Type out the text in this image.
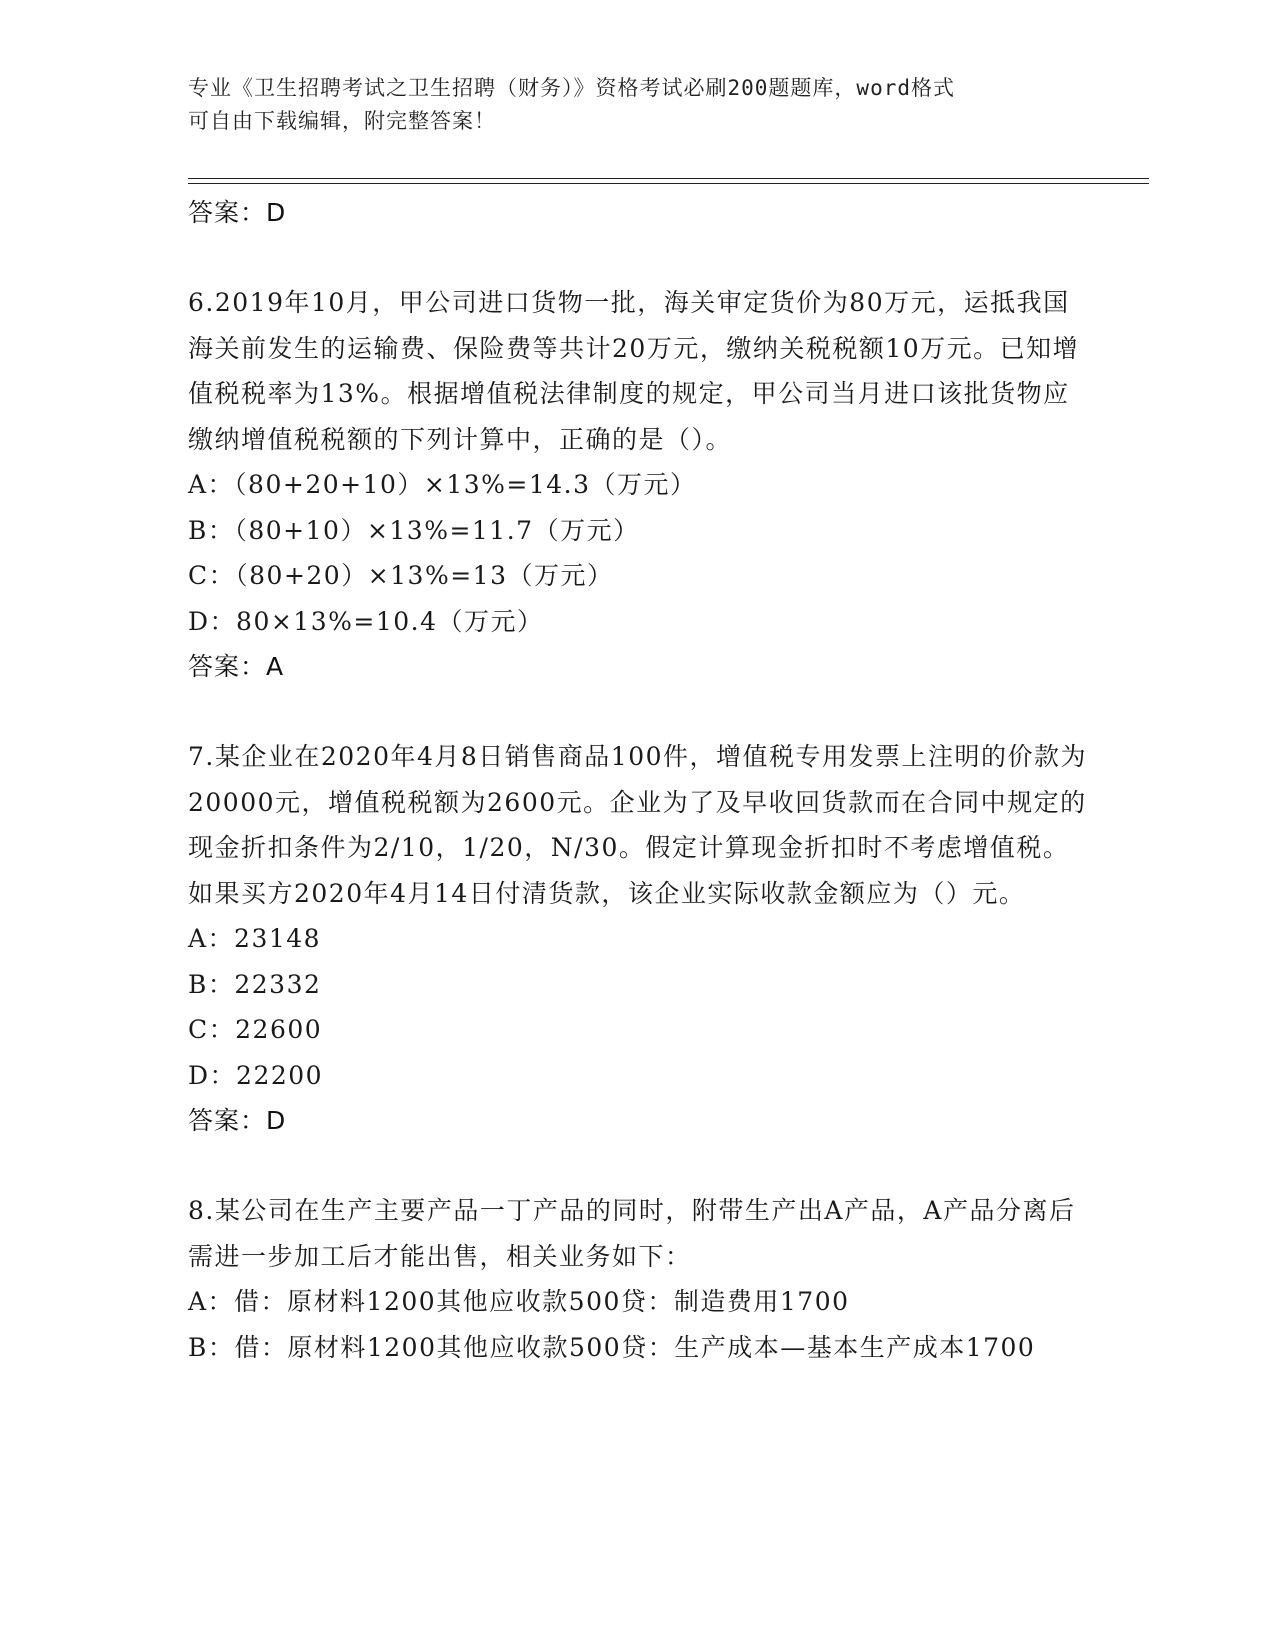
专业《卫生招聘考试之卫生招聘（财务）》资格考试必刷200题题库，word格式
可自由下载编辑，附完整答案！
答案：D
6.2019年10月，甲公司进口货物一批，海关审定货价为80万元，运抵我国海关前发生的运输费、保险费等共计20万元，缴纳关税税额10万元。已知增值税税率为13%。根据增值税法律制度的规定，甲公司当月进口该批货物应缴纳增值税税额的下列计算中，正确的是（）。
A：（80+20+10）×13%=14.3（万元）
B：（80+10）×13%=11.7（万元）
C：（80+20）×13%=13（万元）
D：80×13%=10.4（万元）
答案：A
7.某企业在2020年4月8日销售商品100件，增值税专用发票上注明的价款为20000元，增值税税额为2600元。企业为了及早收回货款而在合同中规定的现金折扣条件为2/10，1/20，N/30。假定计算现金折扣时不考虑增值税。如果买方2020年4月14日付清货款，该企业实际收款金额应为（）元。
A：23148
B：22332
C：22600
D：22200
答案：D
8.某公司在生产主要产品一丁产品的同时，附带生产出A产品，A产品分离后需进一步加工后才能出售，相关业务如下：
A：借：原材料1200其他应收款500贷：制造费用1700
B：借：原材料1200其他应收款500贷：生产成本—基本生产成本1700
